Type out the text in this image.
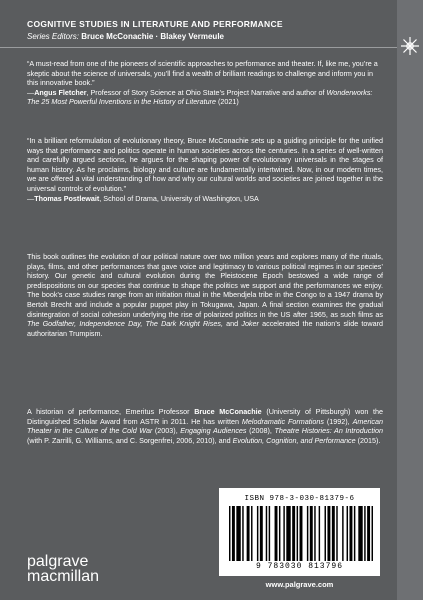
COGNITIVE STUDIES IN LITERATURE AND PERFORMANCE
Series Editors: Bruce McConachie · Blakey Vermeule

“A must-read from one of the pioneers of scientific approaches to performance and theater. If, like me, you’re a skeptic about the science of universals, you’ll find a wealth of brilliant readings to challenge and inform you in this innovative book.”

—Angus Fletcher, Professor of Story Science at Ohio State’s Project Narrative and author of Wonderworks: The 25 Most Powerful Inventions in the History of Literature (2021)

“In a brilliant reformulation of evolutionary theory, Bruce McConachie sets up a guiding principle for the unified ways that performance and politics operate in human societies across the centuries. In a series of well-written and carefully argued sections, he argues for the shaping power of evolutionary universals in the stages of human history. As he proclaims, biology and culture are fundamentally intertwined. Now, in our modern times, we are offered a vital understanding of how and why our cultural worlds and societies are joined together in the universal controls of evolution.”

—Thomas Postlewait, School of Drama, University of Washington, USA

This book outlines the evolution of our political nature over two million years and explores many of the rituals, plays, films, and other performances that gave voice and legitimacy to various political regimes in our species’ history. Our genetic and cultural evolution during the Pleistocene Epoch bestowed a wide range of predispositions on our species that continue to shape the politics we support and the performances we enjoy. The book’s case studies range from an initiation ritual in the Mbendjela tribe in the Congo to a 1947 drama by Bertolt Brecht and include a popular puppet play in Tokugawa, Japan. A final section examines the gradual disintegration of social cohesion underlying the rise of polarized politics in the US after 1965, as such films as The Godfather, Independence Day, The Dark Knight Rises, and Joker accelerated the nation’s slide toward authoritarian Trumpism.

A historian of performance, Emeritus Professor Bruce McConachie (University of Pittsburgh) won the Distinguished Scholar Award from ASTR in 2011. He has written Melodramatic Formations (1992), American Theater in the Culture of the Cold War (2003), Engaging Audiences (2008), Theatre Histories: An Introduction (with P. Zarrilli, G. Williams, and C. Sorgenfrei, 2006, 2010), and Evolution, Cognition, and Performance (2015).

palgrave
macmillan
ISBN 978-3-030-81379-6
9 783030 813796
www.palgrave.com
